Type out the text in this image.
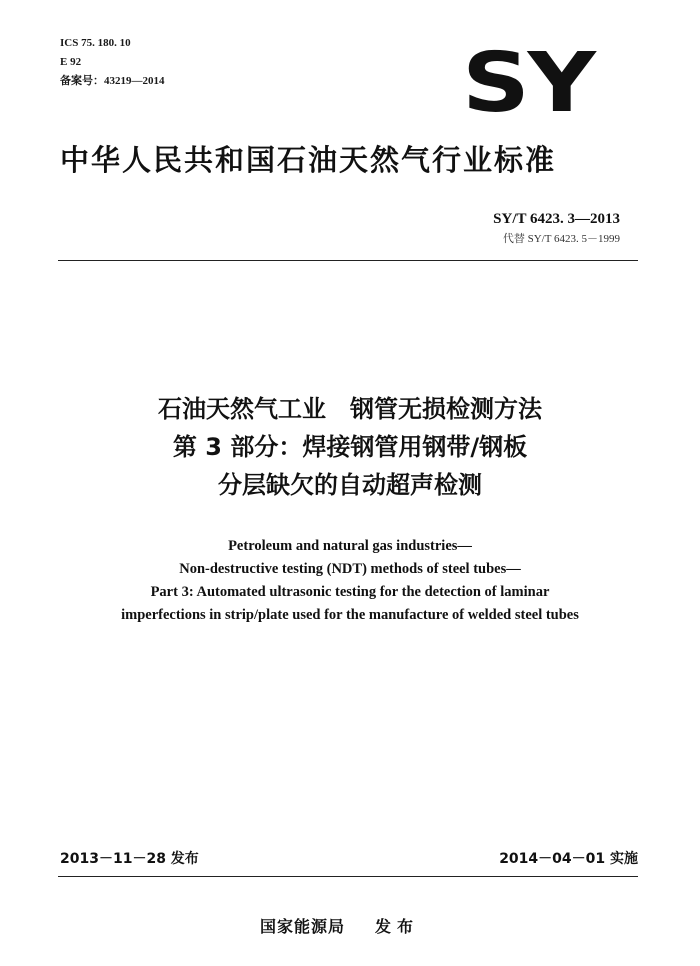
ICS 75. 180. 10
E 92
备案号：43219—2014	SY
中华人民共和国石油天然气行业标准
SY/T 6423. 3—2013
代替 SY/T 6423. 5－1999
石油天然气工业　钢管无损检测方法
第 3 部分：焊接钢管用钢带/钢板
分层缺欠的自动超声检测
Petroleum and natural gas industries—
Non-destructive testing (NDT) methods of steel tubes—
Part 3: Automated ultrasonic testing for the detection of laminar
imperfections in strip/plate used for the manufacture of welded steel tubes
2013－11－28 发布	2014－04－01 实施
国家能源局 发布
